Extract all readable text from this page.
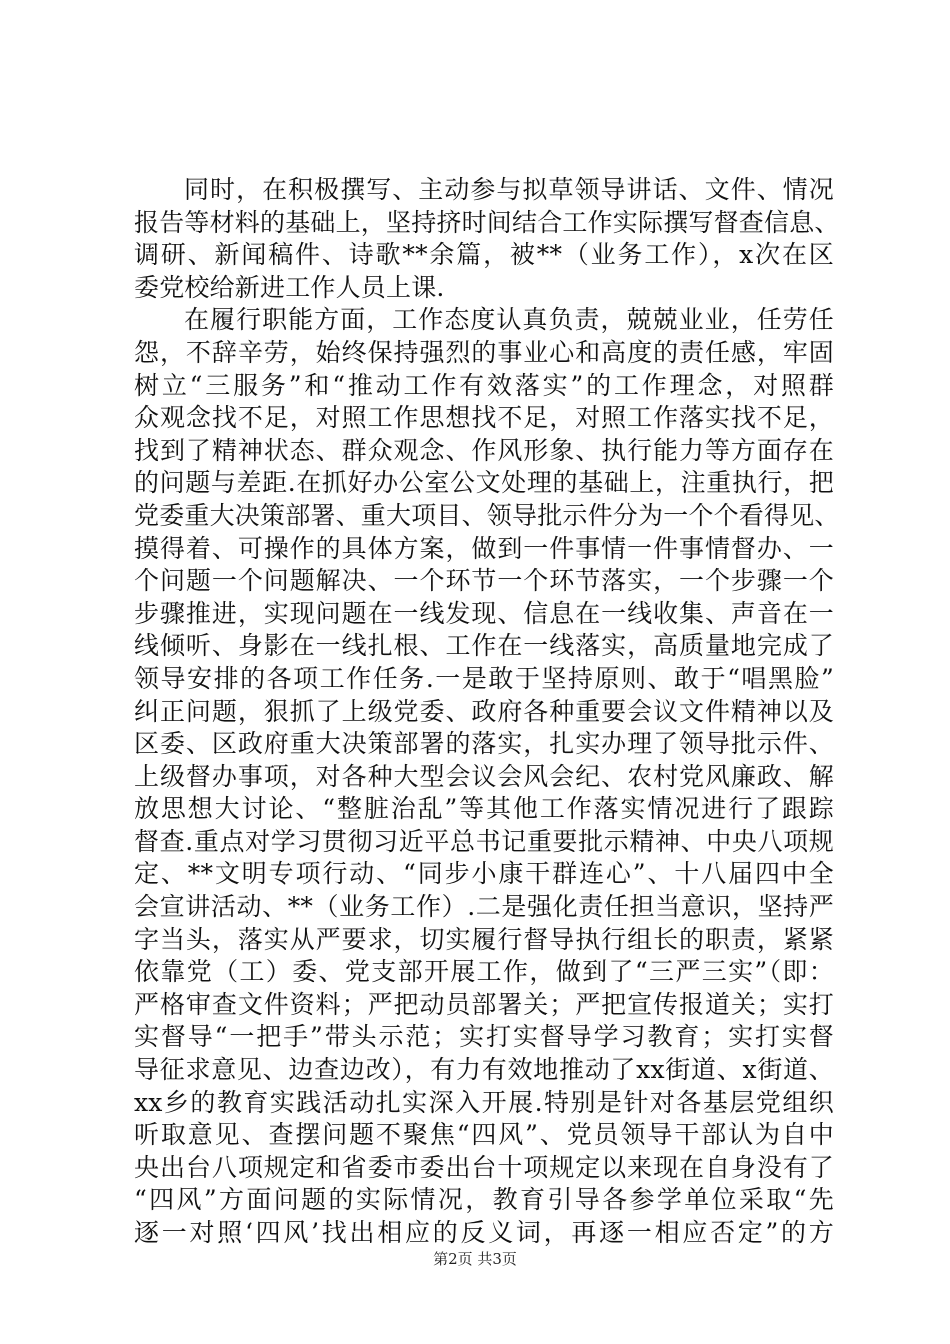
同时，在积极撰写、主动参与拟草领导讲话、文件、情况
报告等材料的基础上，坚持挤时间结合工作实际撰写督查信息、
调研、新闻稿件、诗歌**余篇，被**（业务工作），x次在区
委党校给新进工作人员上课.
在履行职能方面，工作态度认真负责，兢兢业业，任劳任
怨，不辞辛劳，始终保持强烈的事业心和高度的责任感，牢固
树立“三服务”和“推动工作有效落实”的工作理念，对照群
众观念找不足，对照工作思想找不足，对照工作落实找不足，
找到了精神状态、群众观念、作风形象、执行能力等方面存在
的问题与差距.在抓好办公室公文处理的基础上，注重执行，把
党委重大决策部署、重大项目、领导批示件分为一个个看得见、
摸得着、可操作的具体方案，做到一件事情一件事情督办、一
个问题一个问题解决、一个环节一个环节落实，一个步骤一个
步骤推进，实现问题在一线发现、信息在一线收集、声音在一
线倾听、身影在一线扎根、工作在一线落实，高质量地完成了
领导安排的各项工作任务.一是敢于坚持原则、敢于“唱黑脸”
纠正问题，狠抓了上级党委、政府各种重要会议文件精神以及
区委、区政府重大决策部署的落实，扎实办理了领导批示件、
上级督办事项，对各种大型会议会风会纪、农村党风廉政、解
放思想大讨论、“整脏治乱”等其他工作落实情况进行了跟踪
督查.重点对学习贯彻习近平总书记重要批示精神、中央八项规
定、**文明专项行动、“同步小康干群连心”、十八届四中全
会宣讲活动、**（业务工作）.二是强化责任担当意识，坚持严
字当头，落实从严要求，切实履行督导执行组长的职责，紧紧
依靠党（工）委、党支部开展工作，做到了“三严三实”（即：
严格审查文件资料；严把动员部署关；严把宣传报道关；实打
实督导“一把手”带头示范；实打实督导学习教育；实打实督
导征求意见、边查边改），有力有效地推动了xx街道、x街道、
xx乡的教育实践活动扎实深入开展.特别是针对各基层党组织
听取意见、查摆问题不聚焦“四风”、党员领导干部认为自中
央出台八项规定和省委市委出台十项规定以来现在自身没有了
“四风”方面问题的实际情况，教育引导各参学单位采取“先
逐一对照‘四风’找出相应的反义词，再逐一相应否定”的方
第2页 共3页
